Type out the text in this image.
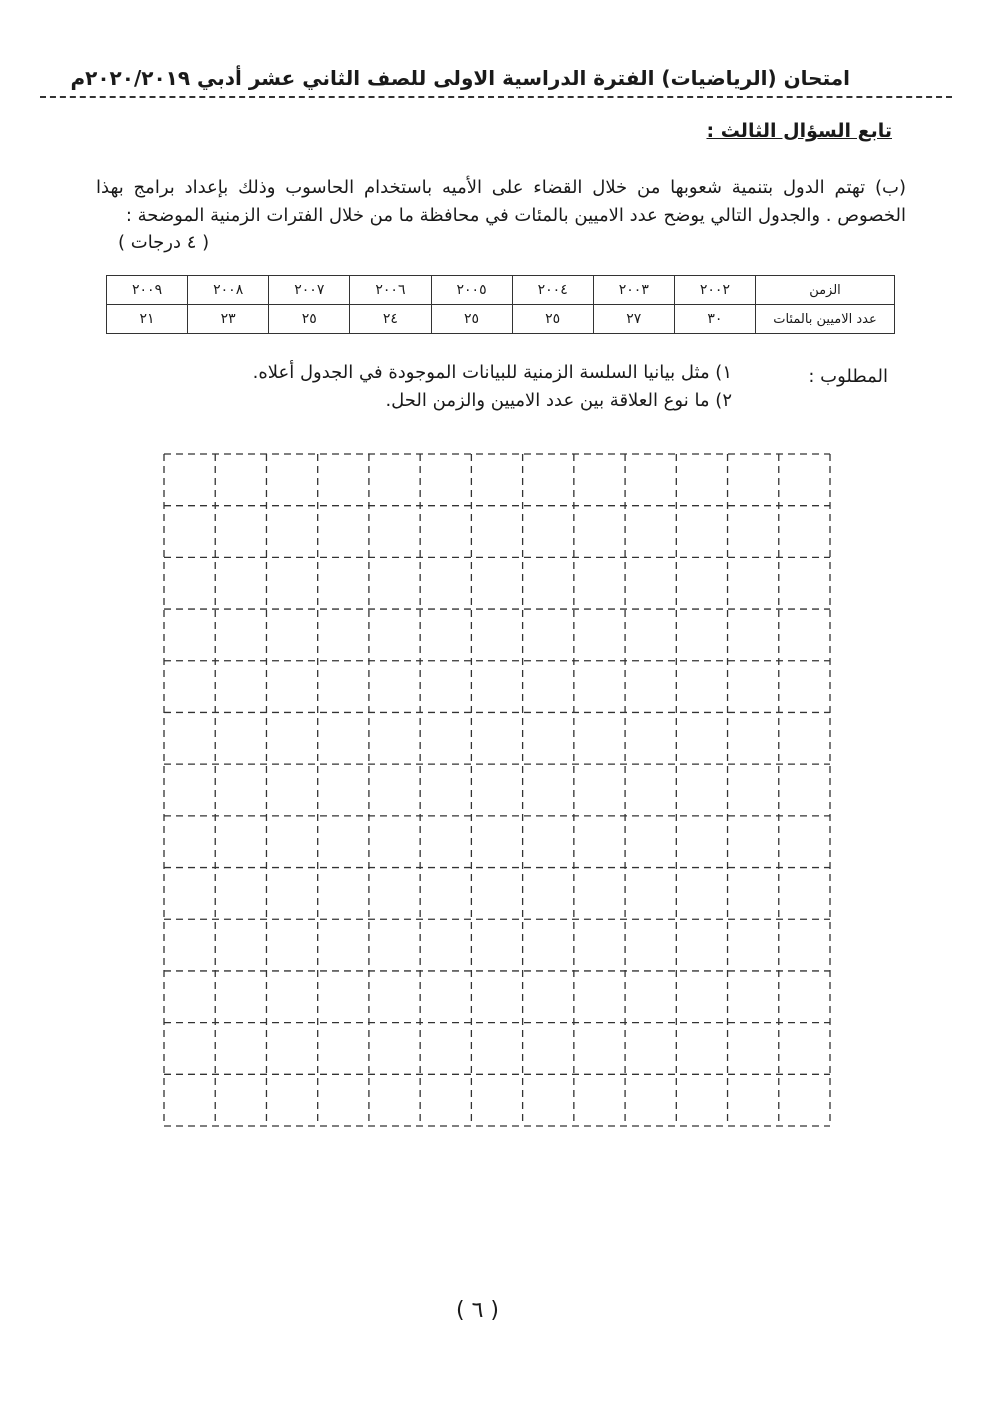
امتحان (الرياضيات) الفترة الدراسية الاولى للصف الثاني عشر أدبي ٢٠٢٠/٢٠١٩م
تابع السؤال الثالث :
(ب) تهتم الدول بتنمية شعوبها من خلال القضاء على الأميه باستخدام الحاسوب وذلك بإعداد برامج بهذا الخصوص . والجدول التالي يوضح عدد الاميين بالمئات في محافظة ما من خلال الفترات الزمنية الموضحة :
( ٤ درجات )
الزمن	٢٠٠٢	٢٠٠٣	٢٠٠٤	٢٠٠٥	٢٠٠٦	٢٠٠٧	٢٠٠٨	٢٠٠٩
عدد الاميين بالمئات	٣٠	٢٧	٢٥	٢٥	٢٤	٢٥	٢٣	٢١
المطلوب :
١) مثل بيانيا السلسة الزمنية للبيانات الموجودة في الجدول أعلاه.
٢) ما نوع العلاقة بين عدد الاميين والزمن الحل.
( ٦ )
